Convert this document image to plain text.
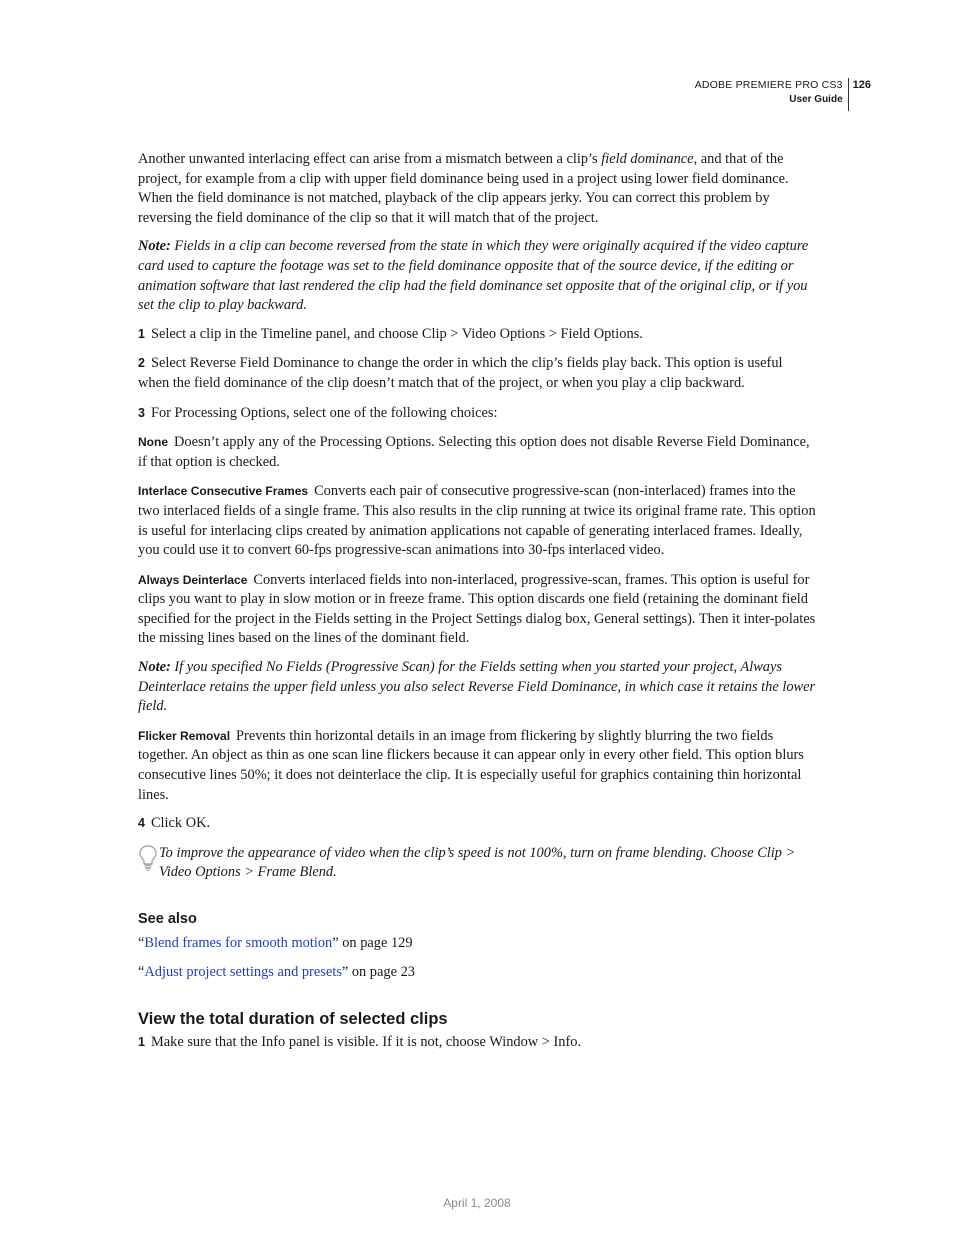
ADOBE PREMIERE PRO CS3
User Guide
126

Another unwanted interlacing effect can arise from a mismatch between a clip’s field dominance, and that of the project, for example from a clip with upper field dominance being used in a project using lower field dominance. When the field dominance is not matched, playback of the clip appears jerky. You can correct this problem by reversing the field dominance of the clip so that it will match that of the project.

Note: Fields in a clip can become reversed from the state in which they were originally acquired if the video capture card used to capture the footage was set to the field dominance opposite that of the source device, if the editing or animation software that last rendered the clip had the field dominance set opposite that of the original clip, or if you set the clip to play backward.

1 Select a clip in the Timeline panel, and choose Clip > Video Options > Field Options.

2 Select Reverse Field Dominance to change the order in which the clip’s fields play back. This option is useful when the field dominance of the clip doesn’t match that of the project, or when you play a clip backward.

3 For Processing Options, select one of the following choices:

None Doesn’t apply any of the Processing Options. Selecting this option does not disable Reverse Field Dominance, if that option is checked.

Interlace Consecutive Frames Converts each pair of consecutive progressive-scan (non-interlaced) frames into the two interlaced fields of a single frame. This also results in the clip running at twice its original frame rate. This option is useful for interlacing clips created by animation applications not capable of generating interlaced frames. Ideally, you could use it to convert 60-fps progressive-scan animations into 30-fps interlaced video.

Always Deinterlace Converts interlaced fields into non-interlaced, progressive-scan, frames. This option is useful for clips you want to play in slow motion or in freeze frame. This option discards one field (retaining the dominant field specified for the project in the Fields setting in the Project Settings dialog box, General settings). Then it inter-polates the missing lines based on the lines of the dominant field.

Note: If you specified No Fields (Progressive Scan) for the Fields setting when you started your project, Always Deinterlace retains the upper field unless you also select Reverse Field Dominance, in which case it retains the lower field.

Flicker Removal Prevents thin horizontal details in an image from flickering by slightly blurring the two fields together. An object as thin as one scan line flickers because it can appear only in every other field. This option blurs consecutive lines 50%; it does not deinterlace the clip. It is especially useful for graphics containing thin horizontal lines.

4 Click OK.

To improve the appearance of video when the clip’s speed is not 100%, turn on frame blending. Choose Clip > Video Options > Frame Blend.

See also

“Blend frames for smooth motion” on page 129

“Adjust project settings and presets” on page 23

View the total duration of selected clips

1 Make sure that the Info panel is visible. If it is not, choose Window > Info.

April 1, 2008
